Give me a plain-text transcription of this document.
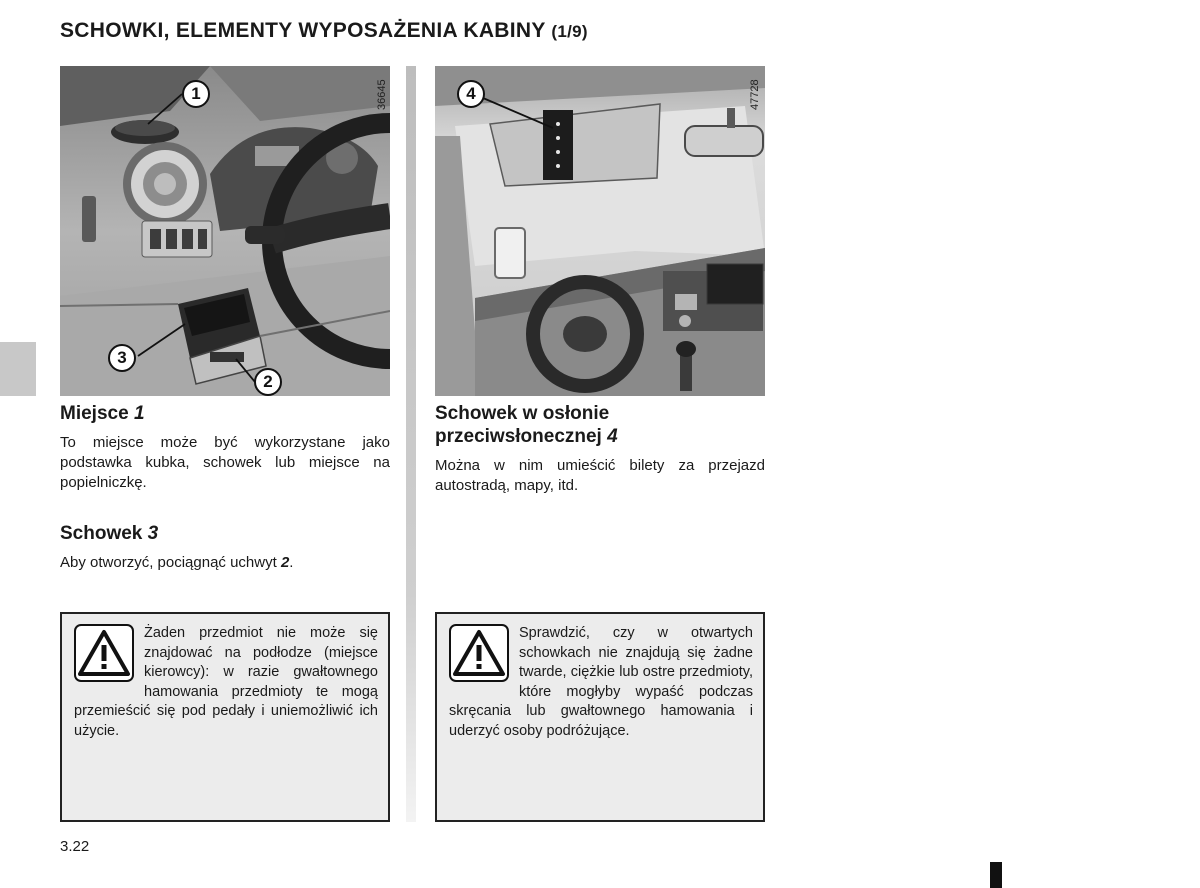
SCHOWKI, ELEMENTY WYPOSAŻENIA KABINY (1/9)
36645
1
3
2
47728
4
Miejsce 1
To miejsce może być wykorzystane jako podstawka kubka, schowek lub miejsce na popielniczkę.
Schowek 3
Aby otworzyć, pociągnąć uchwyt 2.
Żaden przedmiot nie może się znajdować na podłodze (miejsce kierowcy): w razie gwałtownego hamowania przedmioty te mogą przemieścić się pod pedały i uniemożliwić ich użycie.
Schowek w osłonie
przeciwsłonecznej 4
Można w nim umieścić bilety za przejazd autostradą, mapy, itd.
Sprawdzić, czy w otwartych schowkach nie znajdują się żadne twarde, ciężkie lub ostre przedmioty, które mogłyby wypaść podczas skręcania lub gwałtownego hamowania i uderzyć osoby podróżujące.
3.22
